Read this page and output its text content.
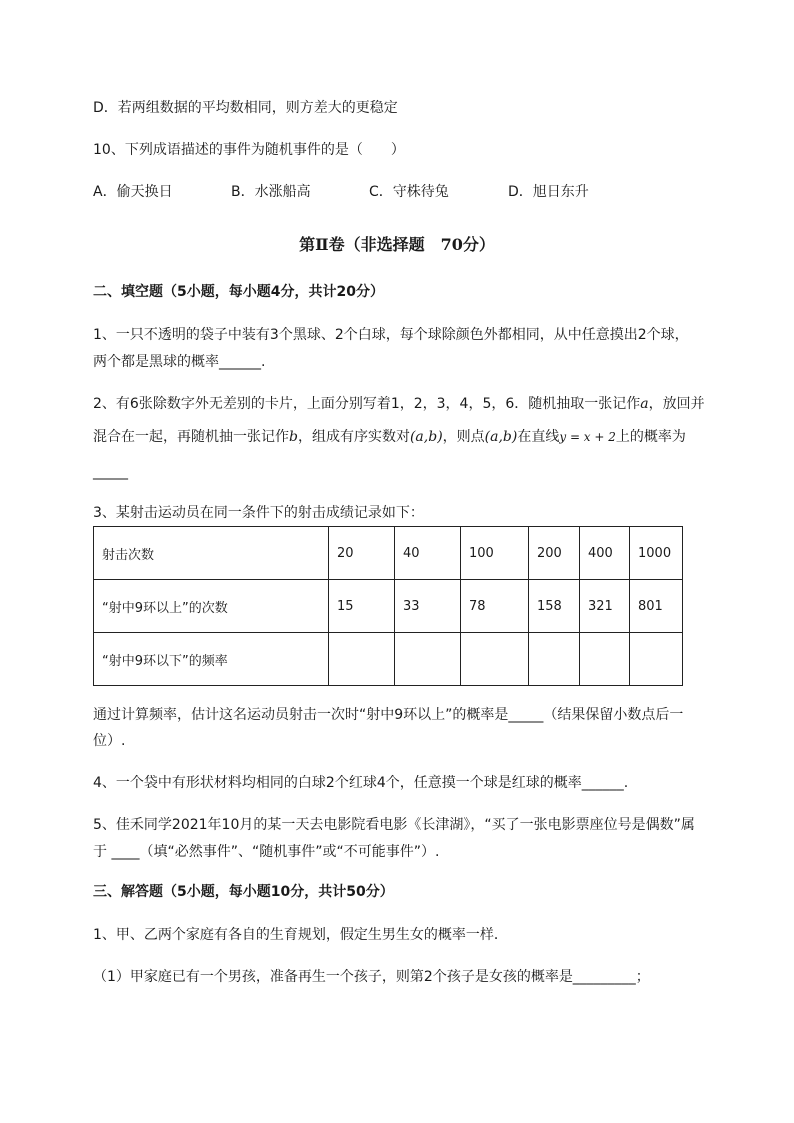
D．若两组数据的平均数相同，则方差大的更稳定
10、下列成语描述的事件为随机事件的是（　　）
A．偷天换日	B．水涨船高	C．守株待兔	D．旭日东升
第Ⅱ卷（非选择题　70分）
二、填空题（5小题，每小题4分，共计20分）
1、一只不透明的袋子中装有3个黑球、2个白球，每个球除颜色外都相同，从中任意摸出2个球，
两个都是黑球的概率______.
2、有6张除数字外无差别的卡片，上面分别写着1，2，3，4，5，6．随机抽取一张记作a，放回并
混合在一起，再随机抽一张记作b，组成有序实数对(a,b)，则点(a,b)在直线y = x + 2上的概率为
_____
3、某射击运动员在同一条件下的射击成绩记录如下：
射击次数	20	40	100	200	400	1000
“射中9环以上”的次数	15	33	78	158	321	801
“射中9环以下”的频率						
通过计算频率，估计这名运动员射击一次时“射中9环以上”的概率是_____（结果保留小数点后一
位）.
4、一个袋中有形状材料均相同的白球2个红球4个，任意摸一个球是红球的概率______.
5、佳禾同学2021年10月的某一天去电影院看电影《长津湖》，“买了一张电影票座位号是偶数”属
于 ____（填“必然事件”、“随机事件”或“不可能事件”）.
三、解答题（5小题，每小题10分，共计50分）
1、甲、乙两个家庭有各自的生育规划，假定生男生女的概率一样．
（1）甲家庭已有一个男孩，准备再生一个孩子，则第2个孩子是女孩的概率是_________；
